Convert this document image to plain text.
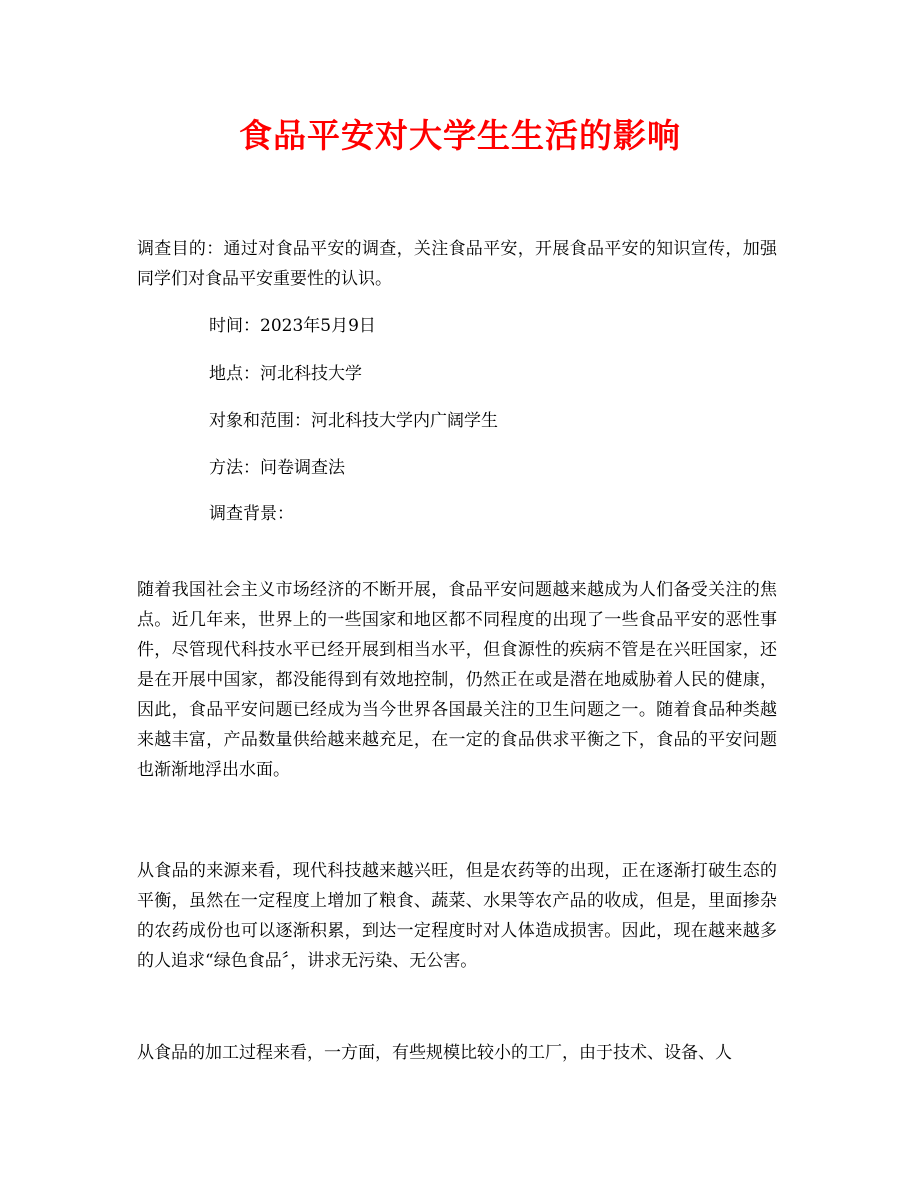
食品平安对大学生生活的影响

调查目的：通过对食品平安的调查，关注食品平安，开展食品平安的知识宣传，加强同学们对食品平安重要性的认识。

时间：2023年5月9日

地点：河北科技大学

对象和范围：河北科技大学内广阔学生

方法：问卷调查法

调查背景：

随着我国社会主义市场经济的不断开展，食品平安问题越来越成为人们备受关注的焦点。近几年来，世界上的一些国家和地区都不同程度的出现了一些食品平安的恶性事件，尽管现代科技水平已经开展到相当水平，但食源性的疾病不管是在兴旺国家，还是在开展中国家，都没能得到有效地控制，仍然正在或是潜在地威胁着人民的健康，因此，食品平安问题已经成为当今世界各国最关注的卫生问题之一。随着食品种类越来越丰富，产品数量供给越来越充足，在一定的食品供求平衡之下，食品的平安问题也渐渐地浮出水面。

从食品的来源来看，现代科技越来越兴旺，但是农药等的出现，正在逐渐打破生态的平衡，虽然在一定程度上增加了粮食、蔬菜、水果等农产品的收成，但是，里面掺杂的农药成份也可以逐渐积累，到达一定程度时对人体造成损害。因此，现在越来越多的人追求“绿色食品〞，讲求无污染、无公害。

从食品的加工过程来看，一方面，有些规模比较小的工厂，由于技术、设备、人
